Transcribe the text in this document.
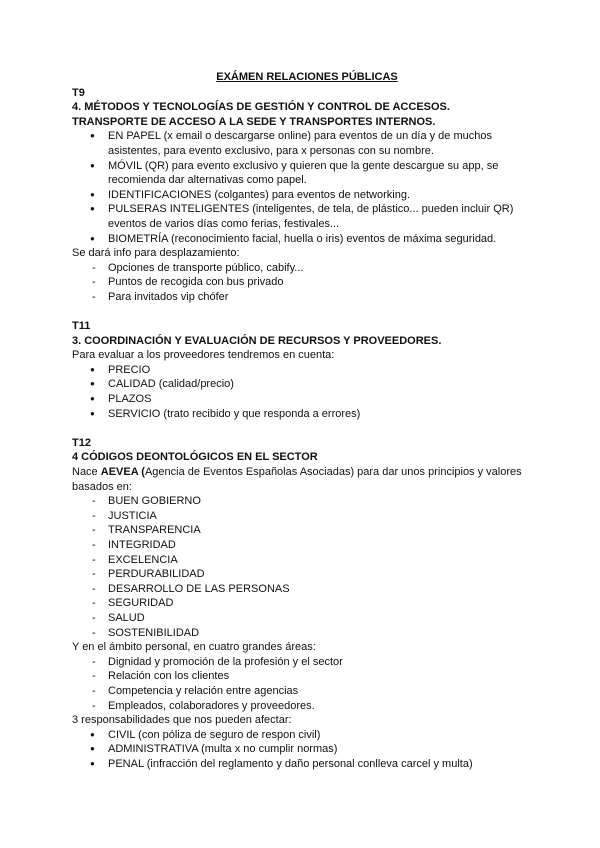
EXÁMEN RELACIONES PÚBLICAS
T9
4. MÉTODOS Y TECNOLOGÍAS DE GESTIÓN Y CONTROL DE ACCESOS.
TRANSPORTE DE ACCESO A LA SEDE Y TRANSPORTES INTERNOS.
● EN PAPEL (x email o descargarse online) para eventos de un día y de muchos asistentes, para evento exclusivo, para x personas con su nombre.
● MÓVIL (QR) para evento exclusivo y quieren que la gente descargue su app, se recomienda dar alternativas como papel.
● IDENTIFICACIONES (colgantes) para eventos de networking.
● PULSERAS INTELIGENTES (inteligentes, de tela, de plástico... pueden incluir QR) eventos de varios días como ferias, festivales...
● BIOMETRÍA (reconocimiento facial, huella o iris) eventos de máxima seguridad.
Se dará info para desplazamiento:
- Opciones de transporte público, cabify...
- Puntos de recogida con bus privado
- Para invitados vip chófer
T11
3. COORDINACIÓN Y EVALUACIÓN DE RECURSOS Y PROVEEDORES.
Para evaluar a los proveedores tendremos en cuenta:
● PRECIO
● CALIDAD (calidad/precio)
● PLAZOS
● SERVICIO (trato recibido y que responda a errores)
T12
4 CÓDIGOS DEONTOLÓGICOS EN EL SECTOR
Nace AEVEA (Agencia de Eventos Españolas Asociadas) para dar unos principios y valores basados en:
- BUEN GOBIERNO
- JUSTICIA
- TRANSPARENCIA
- INTEGRIDAD
- EXCELENCIA
- PERDURABILIDAD
- DESARROLLO DE LAS PERSONAS
- SEGURIDAD
- SALUD
- SOSTENIBILIDAD
Y en el ámbito personal, en cuatro grandes áreas:
- Dignidad y promoción de la profesión y el sector
- Relación con los clientes
- Competencia y relación entre agencias
- Empleados, colaboradores y proveedores.
3 responsabilidades que nos pueden afectar:
● CIVIL (con póliza de seguro de respon civil)
● ADMINISTRATIVA (multa x no cumplir normas)
● PENAL (infracción del reglamento y daño personal conlleva carcel y multa)
